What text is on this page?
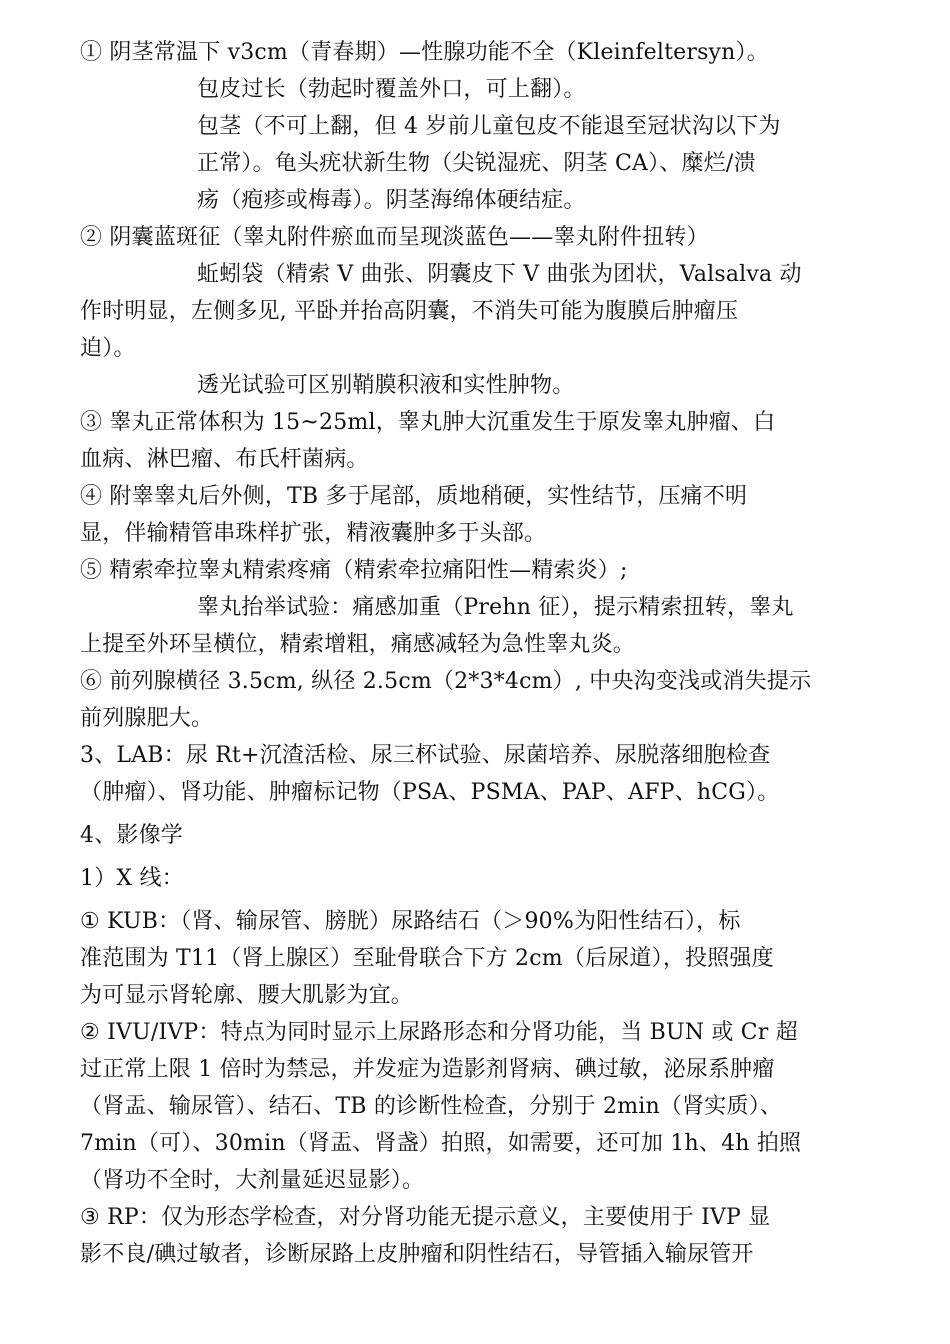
① 阴茎常温下 v3cm（青春期）—性腺功能不全（Kleinfeltersyn）。
包皮过长（勃起时覆盖外口，可上翻）。
包茎（不可上翻，但 4 岁前儿童包皮不能退至冠状沟以下为
正常）。龟头疣状新生物（尖锐湿疣、阴茎 CA）、糜烂/溃
疡（疱疹或梅毒）。阴茎海绵体硬结症。
② 阴囊蓝斑征（睾丸附件瘀血而呈现淡蓝色——睾丸附件扭转）
蚯蚓袋（精索 V 曲张、阴囊皮下 V 曲张为团状，Valsalva 动
作时明显，左侧多见, 平卧并抬高阴囊，不消失可能为腹膜后肿瘤压
迫）。
透光试验可区别鞘膜积液和实性肿物。
③ 睾丸正常体积为 15~25ml，睾丸肿大沉重发生于原发睾丸肿瘤、白
血病、淋巴瘤、布氏杆菌病。
④ 附睾睾丸后外侧，TB 多于尾部，质地稍硬，实性结节，压痛不明
显，伴输精管串珠样扩张，精液囊肿多于头部。
⑤ 精索牵拉睾丸精索疼痛（精索牵拉痛阳性—精索炎）;
睾丸抬举试验：痛感加重（Prehn 征），提示精索扭转，睾丸
上提至外环呈横位，精索增粗，痛感减轻为急性睾丸炎。
⑥ 前列腺横径 3.5cm, 纵径 2.5cm（2*3*4cm）, 中央沟变浅或消失提示
前列腺肥大。
3、LAB：尿 Rt+沉渣活检、尿三杯试验、尿菌培养、尿脱落细胞检查
（肿瘤）、肾功能、肿瘤标记物（PSA、PSMA、PAP、AFP、hCG）。
4、影像学
1）X 线：
① KUB：（肾、输尿管、膀胱）尿路结石（＞90%为阳性结石），标
准范围为 T11（肾上腺区）至耻骨联合下方 2cm（后尿道），投照强度
为可显示肾轮廓、腰大肌影为宜。
② IVU/IVP：特点为同时显示上尿路形态和分肾功能，当 BUN 或 Cr 超
过正常上限 1 倍时为禁忌，并发症为造影剂肾病、碘过敏，泌尿系肿瘤
（肾盂、输尿管）、结石、TB 的诊断性检查，分别于 2min（肾实质）、
7min（可）、30min（肾盂、肾盏）拍照，如需要，还可加 1h、4h 拍照
（肾功不全时，大剂量延迟显影）。
③ RP：仅为形态学检查，对分肾功能无提示意义，主要使用于 IVP 显
影不良/碘过敏者，诊断尿路上皮肿瘤和阴性结石，导管插入输尿管开
